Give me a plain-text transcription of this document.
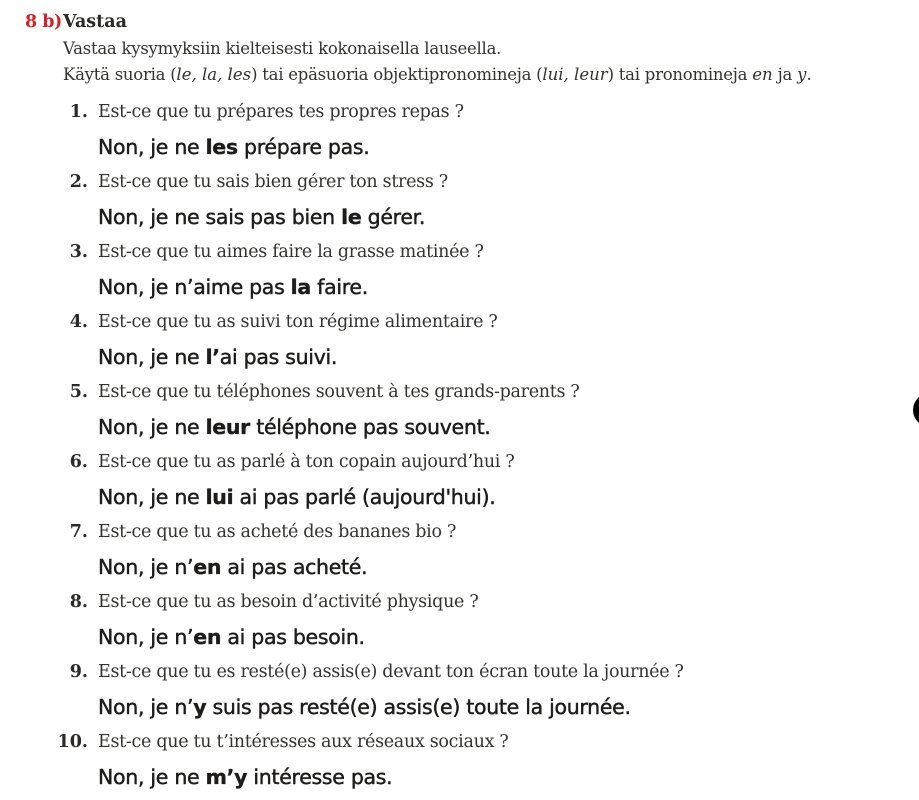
8 b) Vastaa
Vastaa kysymyksiin kielteisesti kokonaisella lauseella.
Käytä suoria (le, la, les) tai epäsuoria objektipronomineja (lui, leur) tai pronomineja en ja y.
1. Est-ce que tu prépares tes propres repas ?
Non, je ne les prépare pas.
2. Est-ce que tu sais bien gérer ton stress ?
Non, je ne sais pas bien le gérer.
3. Est-ce que tu aimes faire la grasse matinée ?
Non, je n’aime pas la faire.
4. Est-ce que tu as suivi ton régime alimentaire ?
Non, je ne l’ai pas suivi.
5. Est-ce que tu téléphones souvent à tes grands-parents ?
Non, je ne leur téléphone pas souvent.
6. Est-ce que tu as parlé à ton copain aujourd’hui ?
Non, je ne lui ai pas parlé (aujourd'hui).
7. Est-ce que tu as acheté des bananes bio ?
Non, je n’en ai pas acheté.
8. Est-ce que tu as besoin d’activité physique ?
Non, je n’en ai pas besoin.
9. Est-ce que tu es resté(e) assis(e) devant ton écran toute la journée ?
Non, je n’y suis pas resté(e) assis(e) toute la journée.
10. Est-ce que tu t’intéresses aux réseaux sociaux ?
Non, je ne m’y intéresse pas.
